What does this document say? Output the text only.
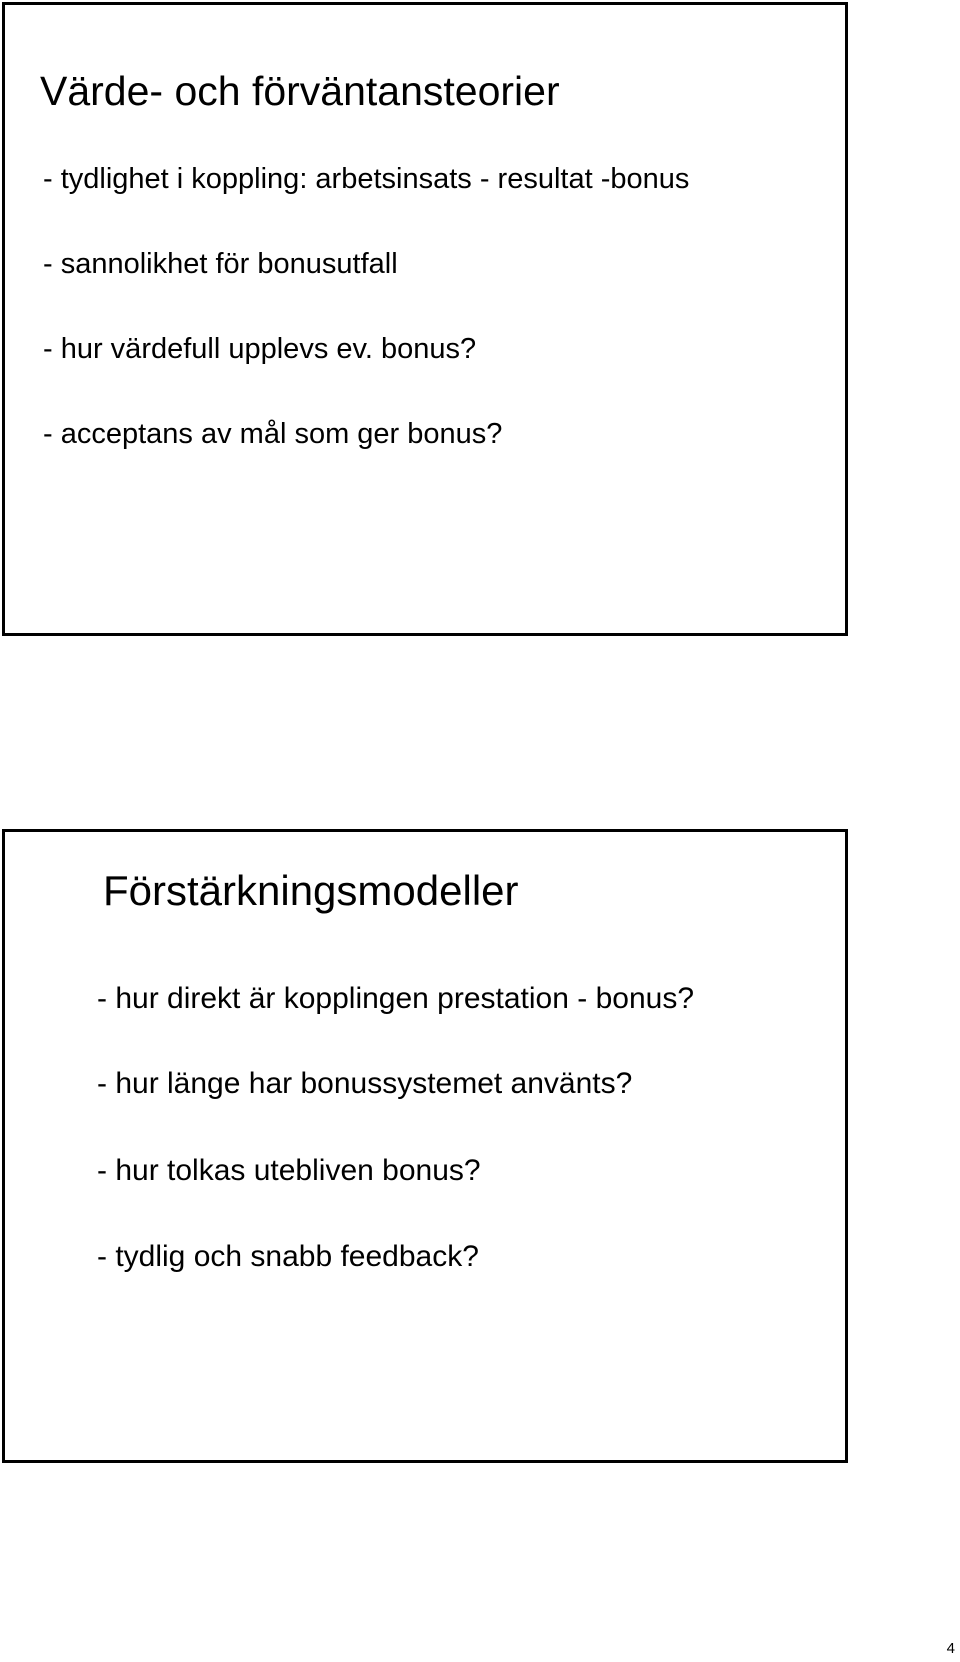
Värde- och förväntansteorier
- tydlighet i koppling: arbetsinsats - resultat -bonus
- sannolikhet för bonusutfall
- hur värdefull upplevs ev. bonus?
- acceptans av mål som ger bonus?
Förstärkningsmodeller
- hur direkt är kopplingen prestation - bonus?
- hur länge har bonussystemet använts?
- hur tolkas utebliven bonus?
- tydlig och snabb feedback?
4
